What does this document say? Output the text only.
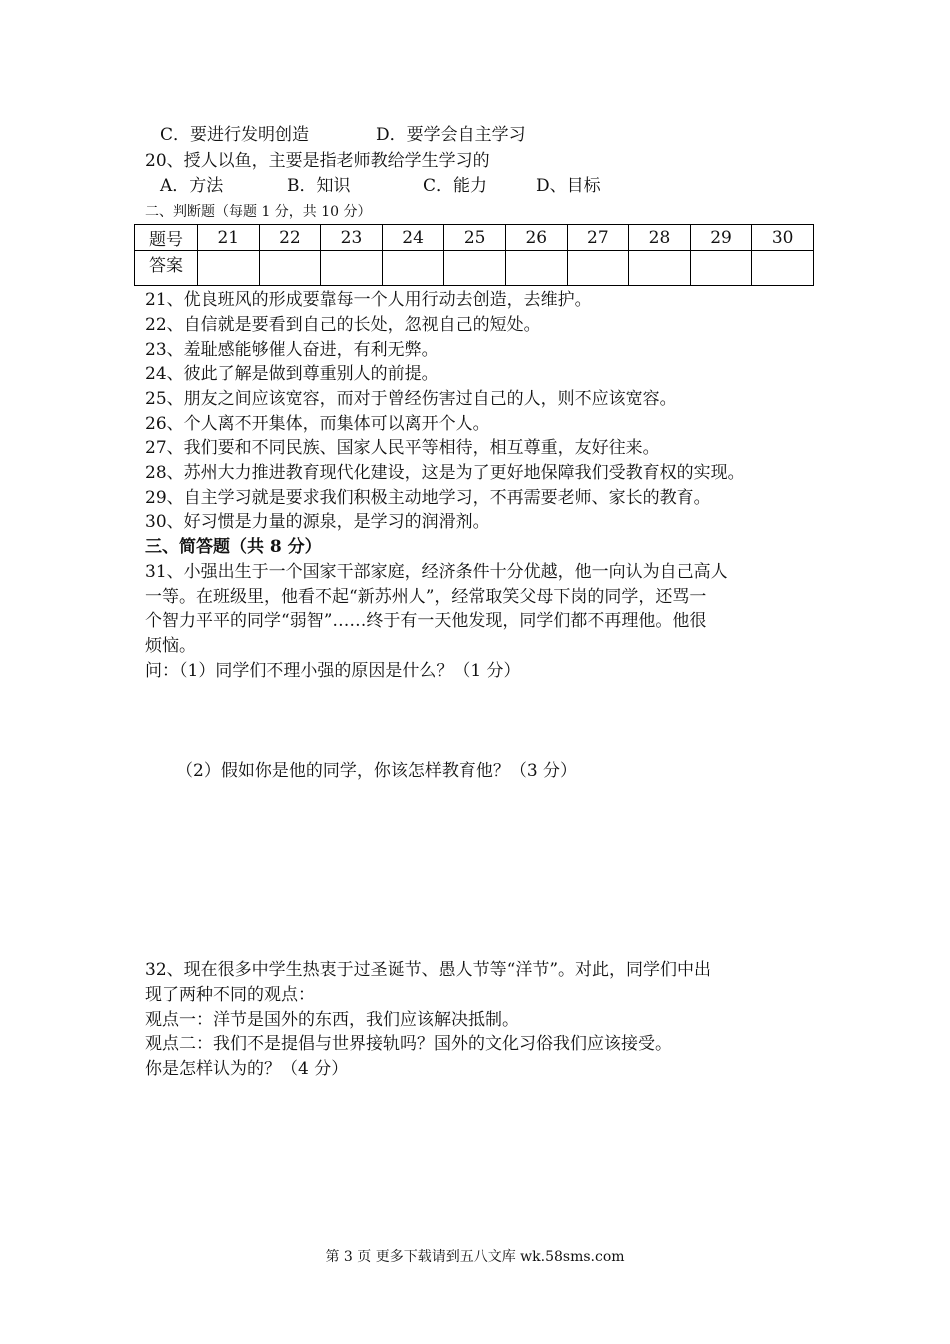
C．要进行发明创造	D．要学会自主学习
20、授人以鱼，主要是指老师教给学生学习的
A．方法	B．知识	C．能力	D、目标
二、判断题（每题 1 分，共 10 分）
题号	21	22	23	24	25	26	27	28	29	30
答案										
21、优良班风的形成要靠每一个人用行动去创造，去维护。
22、自信就是要看到自己的长处，忽视自己的短处。
23、羞耻感能够催人奋进，有利无弊。
24、彼此了解是做到尊重别人的前提。
25、朋友之间应该宽容，而对于曾经伤害过自己的人，则不应该宽容。
26、个人离不开集体，而集体可以离开个人。
27、我们要和不同民族、国家人民平等相待，相互尊重，友好往来。
28、苏州大力推进教育现代化建设，这是为了更好地保障我们受教育权的实现。
29、自主学习就是要求我们积极主动地学习，不再需要老师、家长的教育。
30、好习惯是力量的源泉，是学习的润滑剂。
三、简答题（共 8 分）
31、小强出生于一个国家干部家庭，经济条件十分优越，他一向认为自己高人
一等。在班级里，他看不起“新苏州人”，经常取笑父母下岗的同学，还骂一
个智力平平的同学“弱智”……终于有一天他发现，同学们都不再理他。他很
烦恼。
问：（1）同学们不理小强的原因是什么？（1 分）
（2）假如你是他的同学，你该怎样教育他？（3 分）
32、现在很多中学生热衷于过圣诞节、愚人节等“洋节”。对此，同学们中出
现了两种不同的观点：
观点一：洋节是国外的东西，我们应该解决抵制。
观点二：我们不是提倡与世界接轨吗？国外的文化习俗我们应该接受。
你是怎样认为的？（4 分）
第 3 页 更多下载请到五八文库 wk.58sms.com
